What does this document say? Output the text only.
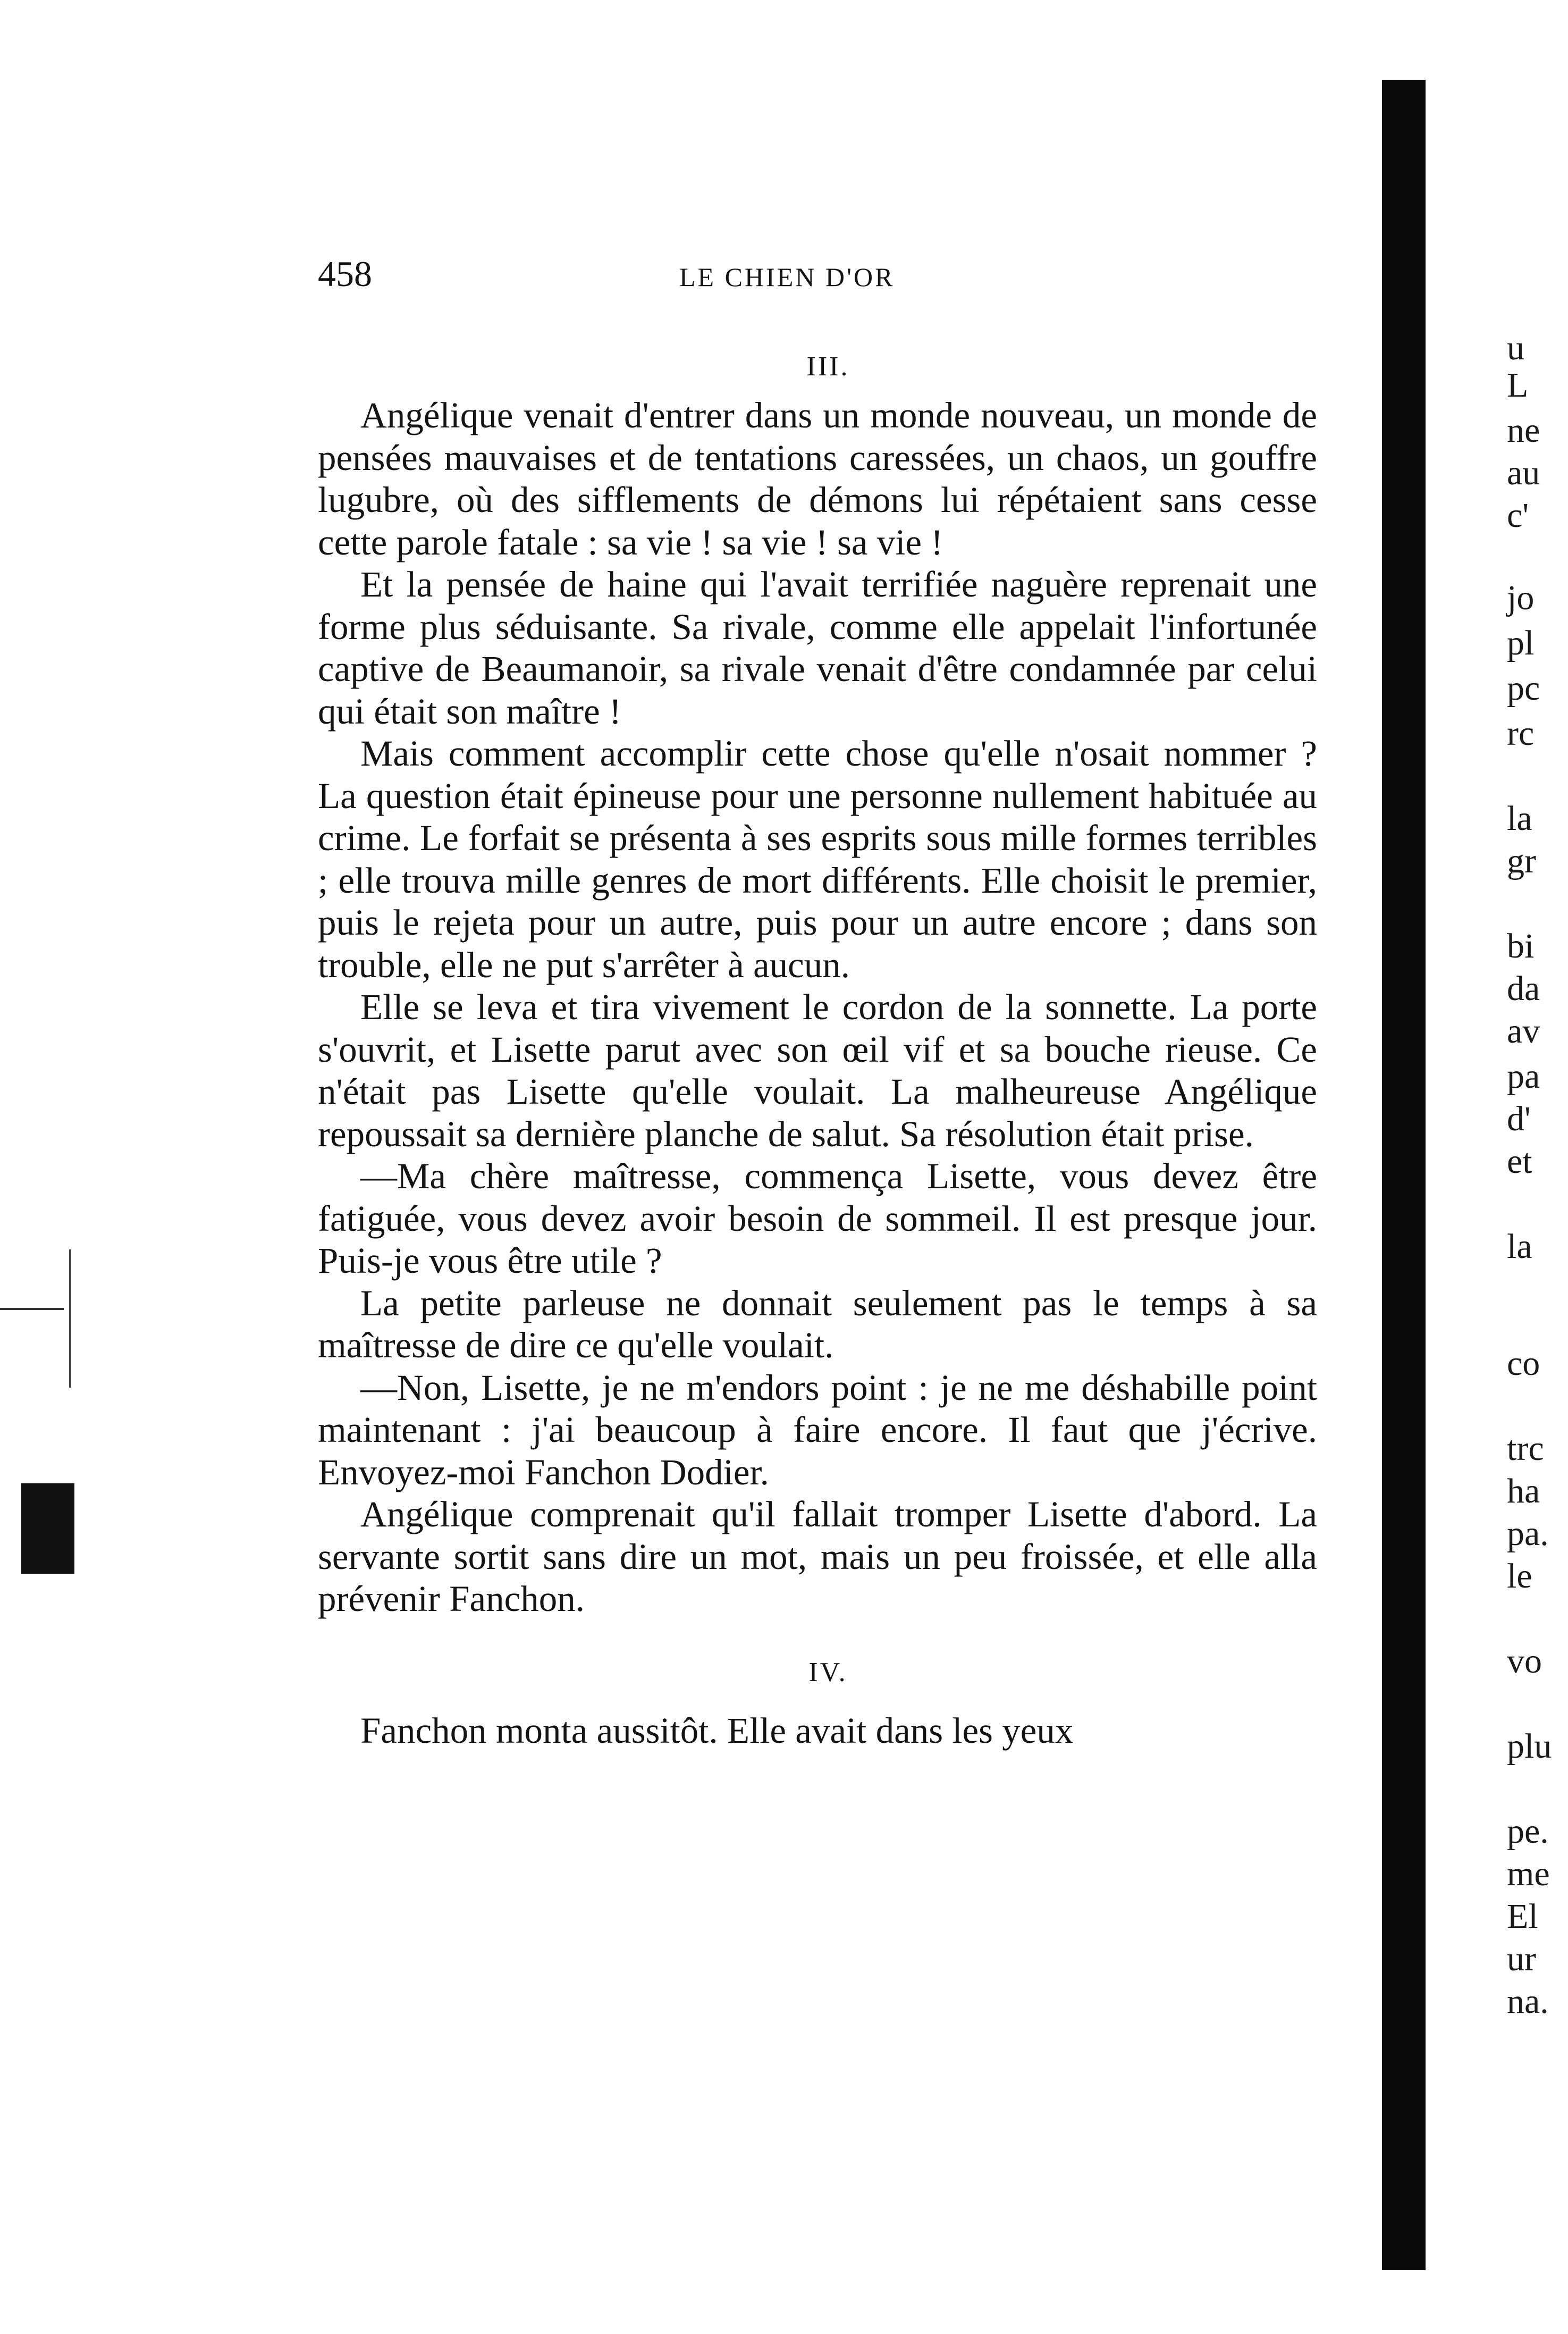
458	LE CHIEN D'OR
III.

Angélique venait d'entrer dans un monde nouveau, un monde de pensées mauvaises et de tentations caressées, un chaos, un gouffre lugubre, où des sifflements de démons lui répétaient sans cesse cette parole fatale : sa vie ! sa vie ! sa vie !

Et la pensée de haine qui l'avait terrifiée naguère reprenait une forme plus séduisante. Sa rivale, comme elle appelait l'infortunée captive de Beaumanoir, sa rivale venait d'être condamnée par celui qui était son maître !

Mais comment accomplir cette chose qu'elle n'osait nommer ? La question était épineuse pour une personne nullement habituée au crime. Le forfait se présenta à ses esprits sous mille formes terribles ; elle trouva mille genres de mort différents. Elle choisit le premier, puis le rejeta pour un autre, puis pour un autre encore ; dans son trouble, elle ne put s'arrêter à aucun.

Elle se leva et tira vivement le cordon de la sonnette. La porte s'ouvrit, et Lisette parut avec son œil vif et sa bouche rieuse. Ce n'était pas Lisette qu'elle voulait. La malheureuse Angélique repoussait sa dernière planche de salut. Sa résolution était prise.

—Ma chère maîtresse, commença Lisette, vous devez être fatiguée, vous devez avoir besoin de sommeil. Il est presque jour. Puis-je vous être utile ?

La petite parleuse ne donnait seulement pas le temps à sa maîtresse de dire ce qu'elle voulait.

—Non, Lisette, je ne m'endors point : je ne me déshabille point maintenant : j'ai beaucoup à faire encore. Il faut que j'écrive. Envoyez-moi Fanchon Dodier.

Angélique comprenait qu'il fallait tromper Lisette d'abord. La servante sortit sans dire un mot, mais un peu froissée, et elle alla prévenir Fanchon.

IV.

Fanchon monta aussitôt. Elle avait dans les yeux

u
L
ne
au
c'
jo
pl
pc
rc
la
gr
bi
da
av
pa
d'
et
la
co
trc
ha
pa.
le
vo
plu
pe.
me
El
ur
na.
